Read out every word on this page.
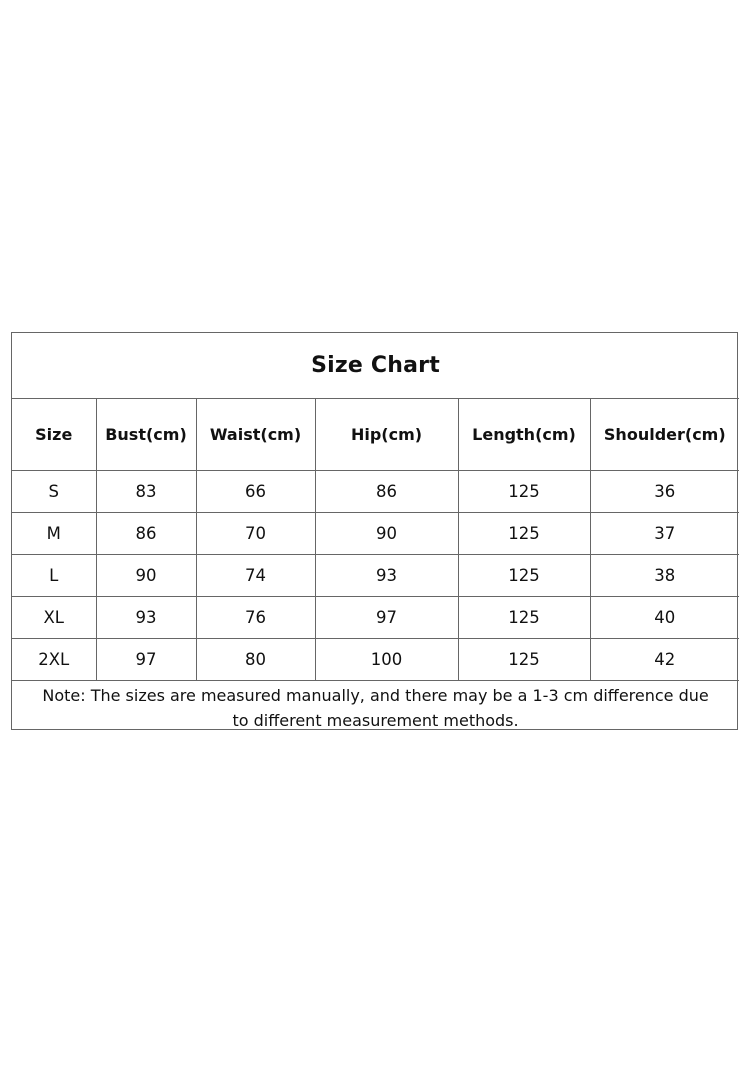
Size Chart					
Size	Bust(cm)	Waist(cm)	Hip(cm)	Length(cm)	Shoulder(cm)
S	83	66	86	125	36
M	86	70	90	125	37
L	90	74	93	125	38
XL	93	76	97	125	40
2XL	97	80	100	125	42
Note: The sizes are measured manually, and there may be a 1-3 cm difference due to different measurement methods.					
